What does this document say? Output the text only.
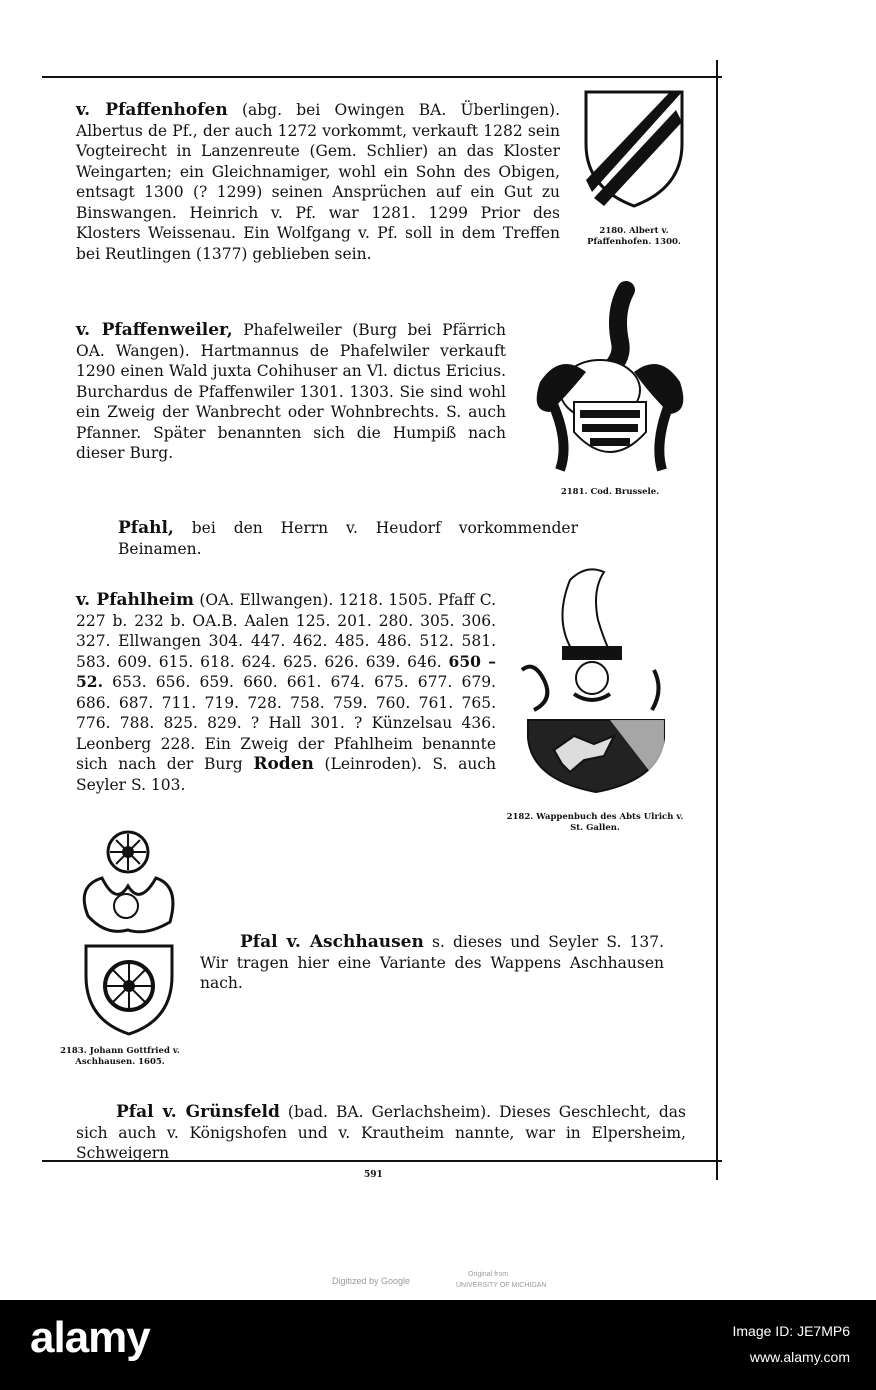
v. Pfaffenhofen (abg. bei Owingen BA. Überlingen). Albertus de Pf., der auch 1272 vorkommt, verkauft 1282 sein Vogteirecht in Lanzenreute (Gem. Schlier) an das Kloster Weingarten; ein Gleichnamiger, wohl ein Sohn des Obigen, entsagt 1300 (? 1299) seinen Ansprüchen auf ein Gut zu Binswangen. Heinrich v. Pf. war 1281. 1299 Prior des Klosters Weissenau. Ein Wolfgang v. Pf. soll in dem Treffen bei Reutlingen (1377) geblieben sein.
2180. Albert v. Pfaffenhofen. 1300.
v. Pfaffenweiler, Phafelweiler (Burg bei Pfärrich OA. Wangen). Hartmannus de Phafelwiler verkauft 1290 einen Wald juxta Cohihuser an Vl. dictus Ericius. Burchardus de Pfaffenwiler 1301. 1303. Sie sind wohl ein Zweig der Wanbrecht oder Wohnbrechts. S. auch Pfanner. Später benannten sich die Humpiß nach dieser Burg.
2181. Cod. Brussele.
Pfahl, bei den Herrn v. Heudorf vorkommender Beinamen.
v. Pfahlheim (OA. Ellwangen). 1218. 1505. Pfaff C. 227 b. 232 b. OA.B. Aalen 125. 201. 280. 305. 306. 327. Ellwangen 304. 447. 462. 485. 486. 512. 581. 583. 609. 615. 618. 624. 625. 626. 639. 646. 650 – 52. 653. 656. 659. 660. 661. 674. 675. 677. 679. 686. 687. 711. 719. 728. 758. 759. 760. 761. 765. 776. 788. 825. 829. ? Hall 301. ? Künzelsau 436. Leonberg 228. Ein Zweig der Pfahlheim benannte sich nach der Burg Roden (Leinroden). S. auch Seyler S. 103.
2182. Wappenbuch des Abts Ulrich v. St. Gallen.
2183. Johann Gottfried v. Aschhausen. 1605.
Pfal v. Aschhausen s. dieses und Seyler S. 137. Wir tragen hier eine Variante des Wappens Aschhausen nach.
Pfal v. Grünsfeld (bad. BA. Gerlachsheim). Dieses Geschlecht, das sich auch v. Königshofen und v. Krautheim nannte, war in Elpersheim, Schweigern
591
Digitized by Google
Original from
UNIVERSITY OF MICHIGAN
alamy	Image ID: JE7MP6
www.alamy.com
